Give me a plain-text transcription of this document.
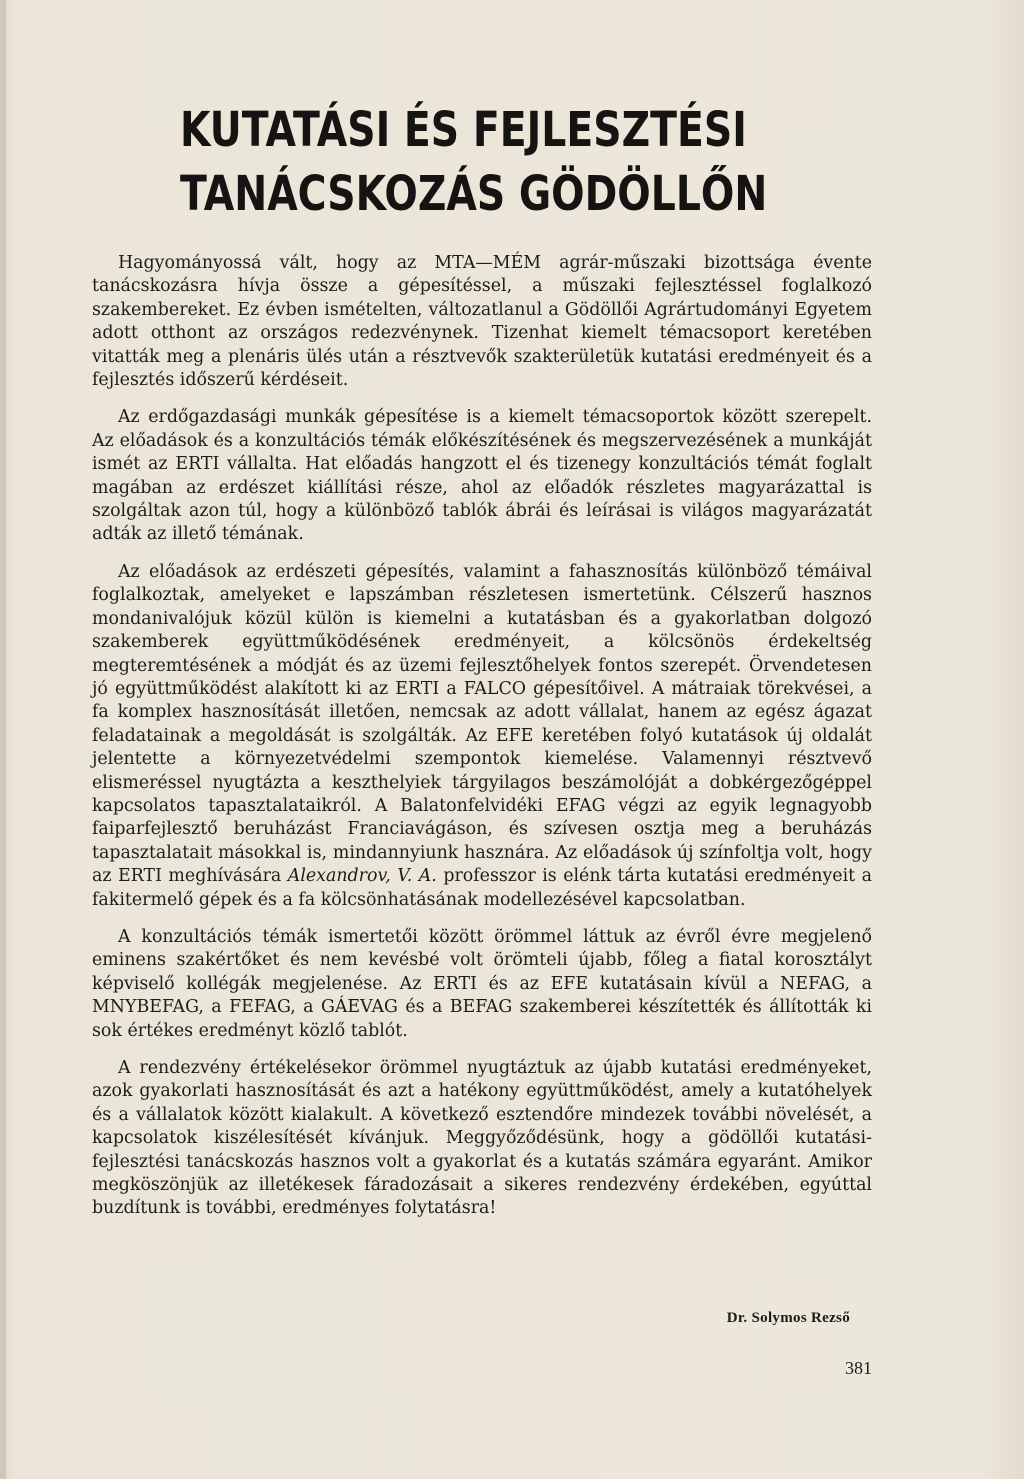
KUTATÁSI ÉS FEJLESZTÉSI
TANÁCSKOZÁS GÖDÖLLŐN

Hagyományossá vált, hogy az MTA—MÉM agrár-műszaki bizottsága évente tanácskozásra hívja össze a gépesítéssel, a műszaki fejlesztéssel foglalkozó szakembereket. Ez évben ismételten, változatlanul a Gödöllői Agrártudományi Egyetem adott otthont az országos redezvénynek. Tizenhat kiemelt témacsoport keretében vitatták meg a plenáris ülés után a résztvevők szakterületük kutatási eredményeit és a fejlesztés időszerű kérdéseit.

Az erdőgazdasági munkák gépesítése is a kiemelt témacsoportok között szerepelt. Az előadások és a konzultációs témák előkészítésének és megszervezésének a munkáját ismét az ERTI vállalta. Hat előadás hangzott el és tizenegy konzultációs témát foglalt magában az erdészet kiállítási része, ahol az előadók részletes magyarázattal is szolgáltak azon túl, hogy a különböző tablók ábrái és leírásai is világos magyarázatát adták az illető témának.

Az előadások az erdészeti gépesítés, valamint a fahasznosítás különböző témáival foglalkoztak, amelyeket e lapszámban részletesen ismertetünk. Célszerű hasznos mondanivalójuk közül külön is kiemelni a kutatásban és a gyakorlatban dolgozó szakemberek együttműködésének eredményeit, a kölcsönös érdekeltség megteremtésének a módját és az üzemi fejlesztőhelyek fontos szerepét. Örvendetesen jó együttműködést alakított ki az ERTI a FALCO gépesítőivel. A mátraiak törekvései, a fa komplex hasznosítását illetően, nemcsak az adott vállalat, hanem az egész ágazat feladatainak a megoldását is szolgálták. Az EFE keretében folyó kutatások új oldalát jelentette a környezetvédelmi szempontok kiemelése. Valamennyi résztvevő elismeréssel nyugtázta a keszthelyiek tárgyilagos beszámolóját a dobkérgezőgéppel kapcsolatos tapasztalataikról. A Balatonfelvidéki EFAG végzi az egyik legnagyobb faiparfejlesztő beruházást Franciavágáson, és szívesen osztja meg a beruházás tapasztalatait másokkal is, mindannyiunk hasznára. Az előadások új színfoltja volt, hogy az ERTI meghívására Alexandrov, V. A. professzor is elénk tárta kutatási eredményeit a fakitermelő gépek és a fa kölcsönhatásának modellezésével kapcsolatban.

A konzultációs témák ismertetői között örömmel láttuk az évről évre megjelenő eminens szakértőket és nem kevésbé volt örömteli újabb, főleg a fiatal korosztályt képviselő kollégák megjelenése. Az ERTI és az EFE kutatásain kívül a NEFAG, a MNYBEFAG, a FEFAG, a GÁEVAG és a BEFAG szakemberei készítették és állították ki sok értékes eredményt közlő tablót.

A rendezvény értékelésekor örömmel nyugtáztuk az újabb kutatási eredményeket, azok gyakorlati hasznosítását és azt a hatékony együttműködést, amely a kutatóhelyek és a vállalatok között kialakult. A következő esztendőre mindezek további növelését, a kapcsolatok kiszélesítését kívánjuk. Meggyőződésünk, hogy a gödöllői kutatási-fejlesztési tanácskozás hasznos volt a gyakorlat és a kutatás számára egyaránt. Amikor megköszönjük az illetékesek fáradozásait a sikeres rendezvény érdekében, egyúttal buzdítunk is további, eredményes folytatásra!

Dr. Solymos Rezső
381
